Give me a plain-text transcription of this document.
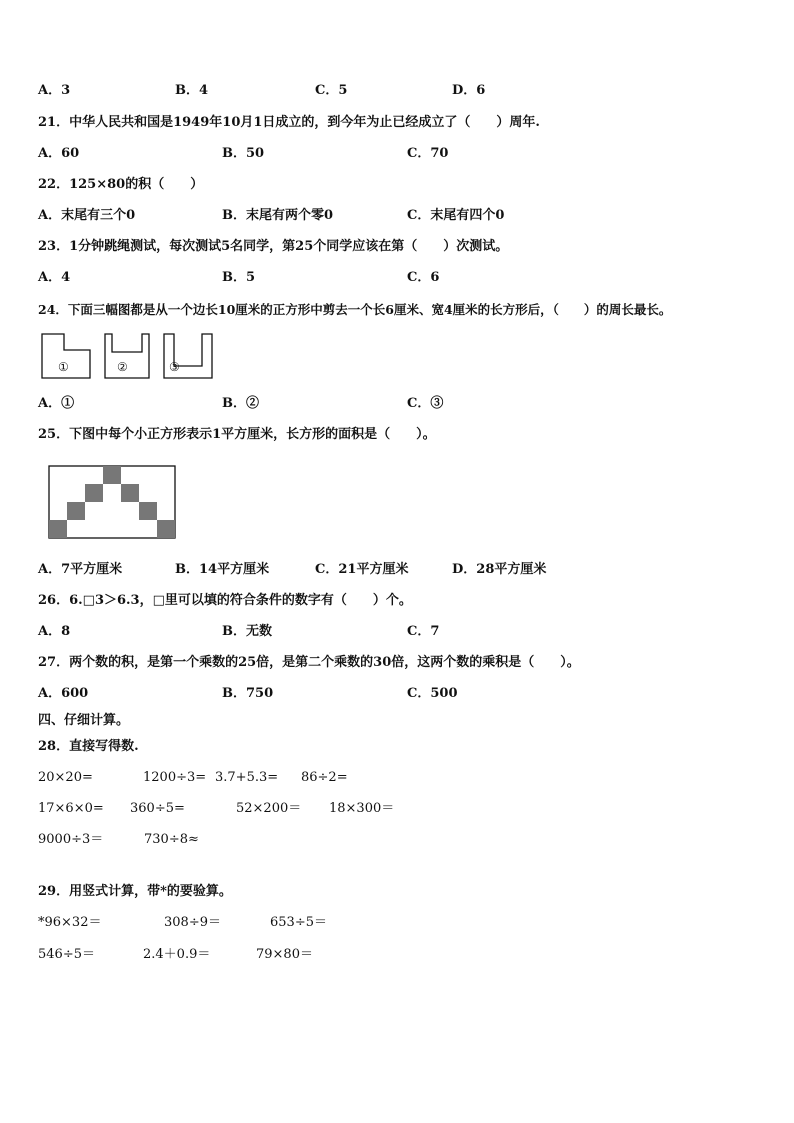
A．3	B．4	C．5	D．6
21．中华人民共和国是1949年10月1日成立的，到今年为止已经成立了（　　）周年.
A．60	B．50	C．70
22．125×80的积（　　）
A．末尾有三个0	B．末尾有两个零0	C．末尾有四个0
23．1分钟跳绳测试，每次测试5名同学，第25个同学应该在第（　　）次测试。
A．4	B．5	C．6
24．下面三幅图都是从一个边长10厘米的正方形中剪去一个长6厘米、宽4厘米的长方形后，（　　）的周长最长。
①	②	③
A．①	B．②	C．③
25．下图中每个小正方形表示1平方厘米，长方形的面积是（　　）。
A．7平方厘米	B．14平方厘米	C．21平方厘米	D．28平方厘米
26．6.□3＞6.3，□里可以填的符合条件的数字有（　　）个。
A．8	B．无数	C．7
27．两个数的积，是第一个乘数的25倍，是第二个乘数的30倍，这两个数的乘积是（　　）。
A．600	B．750	C．500
四、仔细计算。
28．直接写得数.
20×20=	1200÷3= 3.7+5.3= 86÷2=
17×6×0= 360÷5=	52×200＝ 18×300＝
9000÷3＝	730÷8≈
29．用竖式计算，带*的要验算。
*96×32＝	308÷9＝	653÷5＝
546÷5＝	2.4＋0.9＝	79×80＝
